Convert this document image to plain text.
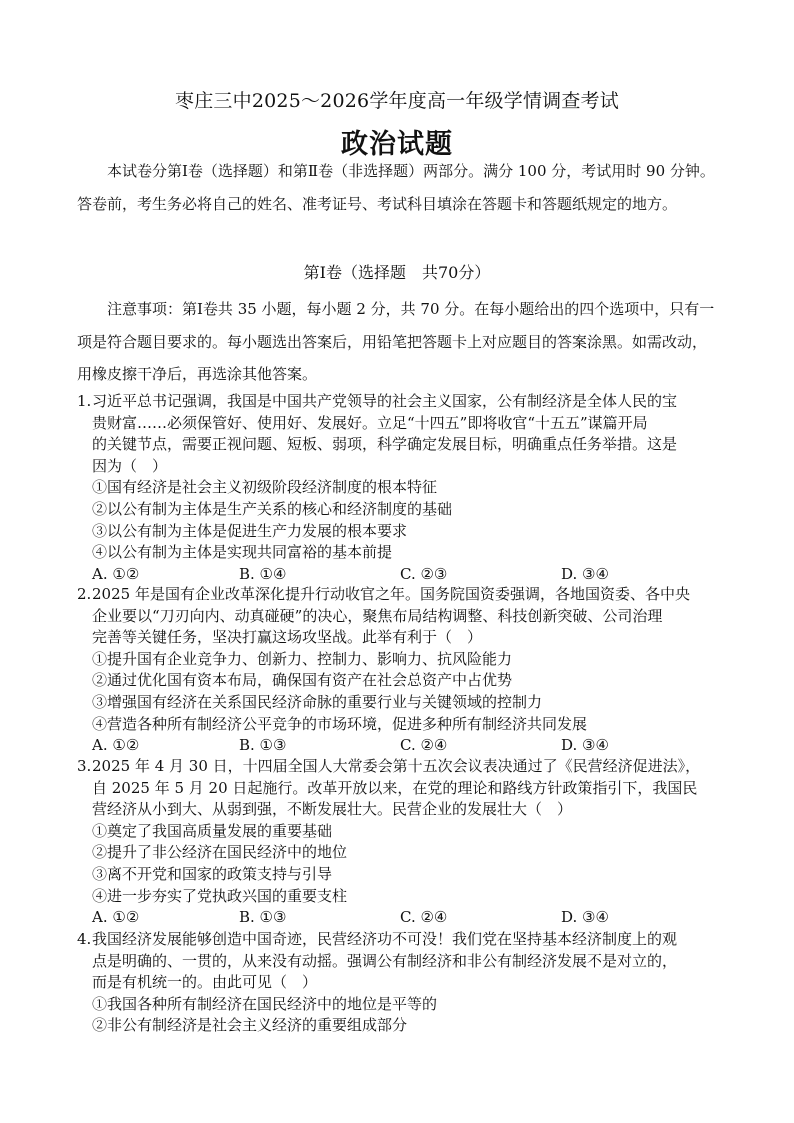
枣庄三中2025～2026学年度高一年级学情调查考试
政治试题
本试卷分第Ⅰ卷（选择题）和第Ⅱ卷（非选择题）两部分。满分 100 分，考试用时 90 分钟。答卷前，考生务必将自己的姓名、准考证号、考试科目填涂在答题卡和答题纸规定的地方。
第Ⅰ卷（选择题　共70分）
注意事项：第Ⅰ卷共 35 小题，每小题 2 分，共 70 分。在每小题给出的四个选项中，只有一项是符合题目要求的。每小题选出答案后，用铅笔把答题卡上对应题目的答案涂黑。如需改动，用橡皮擦干净后，再选涂其他答案。
1. 习近平总书记强调，我国是中国共产党领导的社会主义国家，公有制经济是全体人民的宝
贵财富……必须保管好、使用好、发展好。立足“十四五”即将收官“十五五”谋篇开局
的关键节点，需要正视问题、短板、弱项，科学确定发展目标，明确重点任务举措。这是
因为（　）
①国有经济是社会主义初级阶段经济制度的根本特征
②以公有制为主体是生产关系的核心和经济制度的基础
③以公有制为主体是促进生产力发展的根本要求
④以公有制为主体是实现共同富裕的基本前提
A. ①②	B. ①④	C. ②③	D. ③④
2. 2025 年是国有企业改革深化提升行动收官之年。国务院国资委强调，各地国资委、各中央
企业要以“刀刃向内、动真碰硬”的决心，聚焦布局结构调整、科技创新突破、公司治理
完善等关键任务，坚决打赢这场攻坚战。此举有利于（　）
①提升国有企业竞争力、创新力、控制力、影响力、抗风险能力
②通过优化国有资本布局，确保国有资产在社会总资产中占优势
③增强国有经济在关系国民经济命脉的重要行业与关键领域的控制力
④营造各种所有制经济公平竞争的市场环境，促进多种所有制经济共同发展
A. ①②	B. ①③	C. ②④	D. ③④
3. 2025 年 4 月 30 日，十四届全国人大常委会第十五次会议表决通过了《民营经济促进法》，
自 2025 年 5 月 20 日起施行。改革开放以来，在党的理论和路线方针政策指引下，我国民
营经济从小到大、从弱到强，不断发展壮大。民营企业的发展壮大（　）
①奠定了我国高质量发展的重要基础
②提升了非公经济在国民经济中的地位
③离不开党和国家的政策支持与引导
④进一步夯实了党执政兴国的重要支柱
A. ①②	B. ①③	C. ②④	D. ③④
4. 我国经济发展能够创造中国奇迹，民营经济功不可没！我们党在坚持基本经济制度上的观
点是明确的、一贯的，从来没有动摇。强调公有制经济和非公有制经济发展不是对立的，
而是有机统一的。由此可见（　）
①我国各种所有制经济在国民经济中的地位是平等的
②非公有制经济是社会主义经济的重要组成部分
